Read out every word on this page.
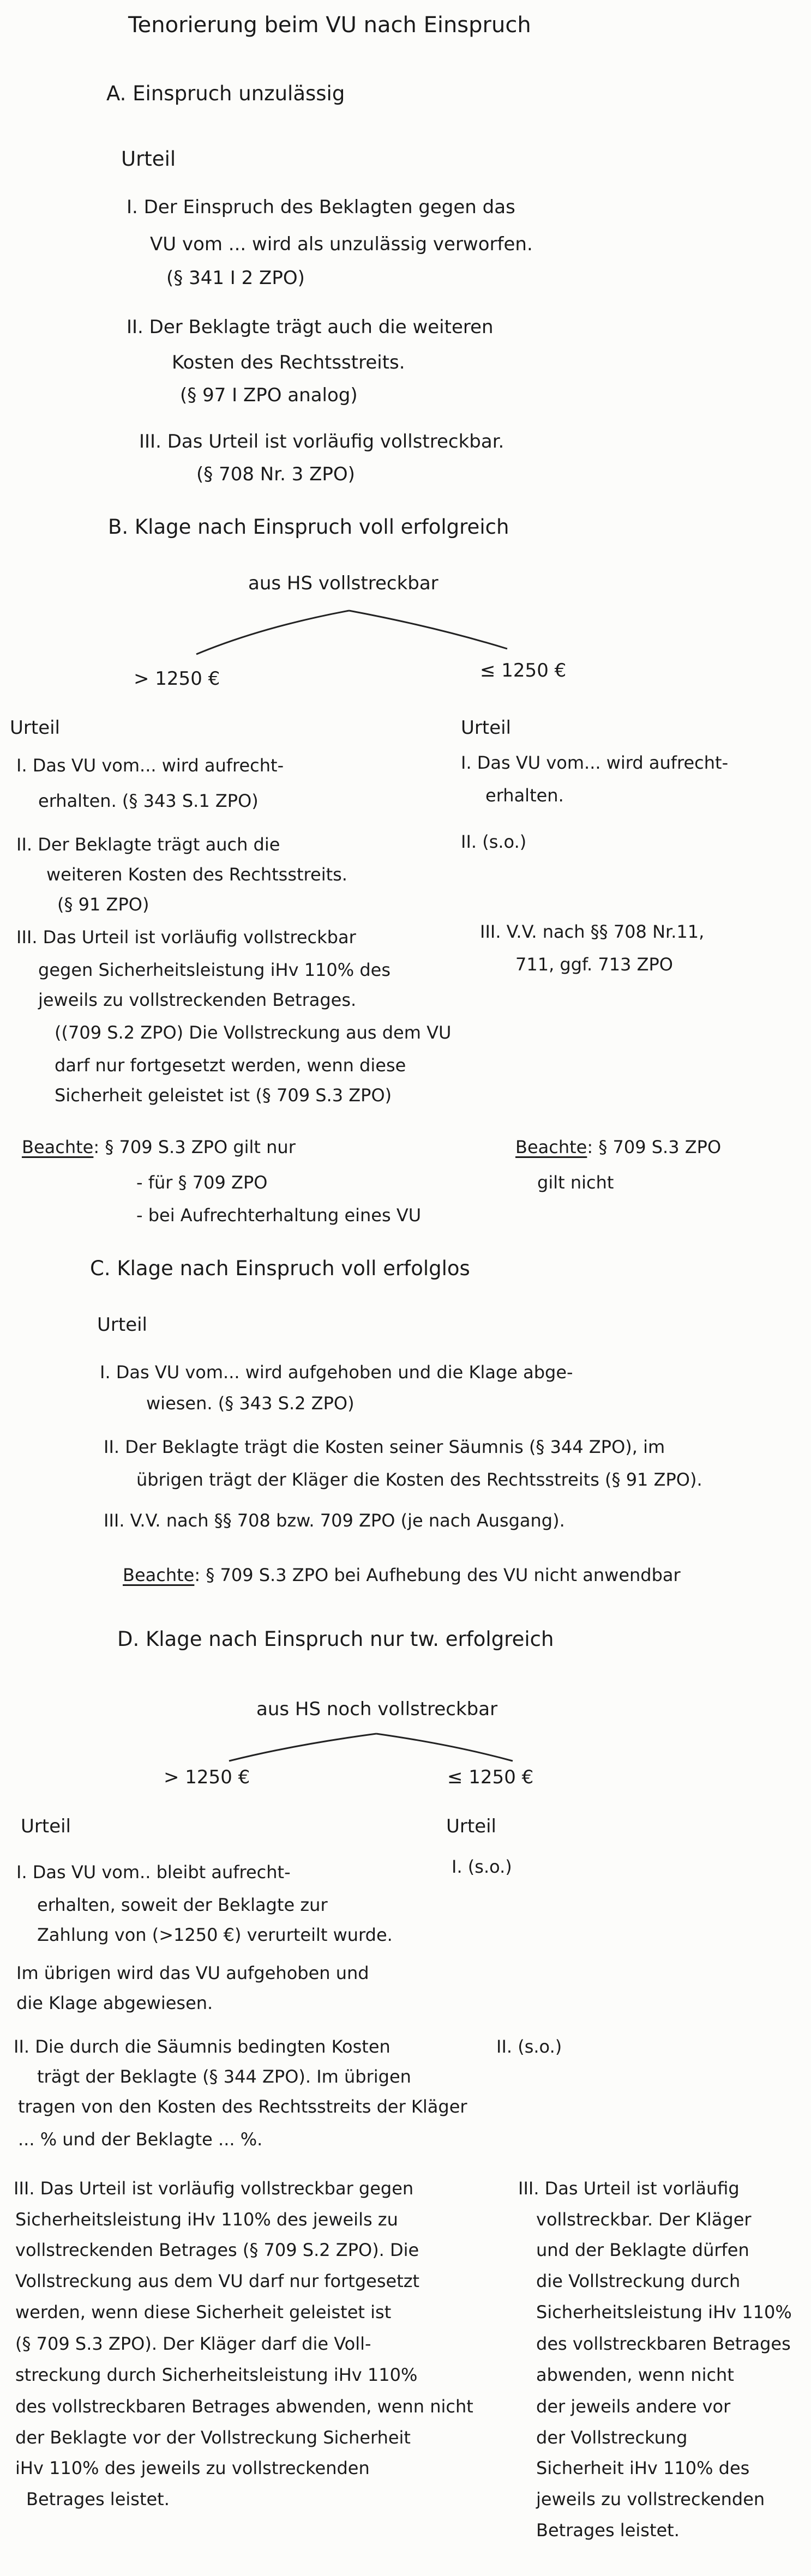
Tenorierung beim VU nach Einspruch
A. Einspruch unzulässig
Urteil
I. Der Einspruch des Beklagten gegen das
VU vom ... wird als unzulässig verworfen.
(§ 341 I 2 ZPO)
II. Der Beklagte trägt auch die weiteren
Kosten des Rechtsstreits.
(§ 97 I ZPO analog)
III. Das Urteil ist vorläufig vollstreckbar.
(§ 708 Nr. 3 ZPO)
B. Klage nach Einspruch voll erfolgreich
aus HS vollstreckbar
> 1250 €	≤ 1250 €
Urteil
I. Das VU vom... wird aufrecht-
erhalten. (§ 343 S.1 ZPO)
II. Der Beklagte trägt auch die
weiteren Kosten des Rechtsstreits.
(§ 91 ZPO)
III. Das Urteil ist vorläufig vollstreckbar
gegen Sicherheitsleistung iHv 110% des
jeweils zu vollstreckenden Betrages.
((709 S.2 ZPO) Die Vollstreckung aus dem VU
darf nur fortgesetzt werden, wenn diese
Sicherheit geleistet ist (§ 709 S.3 ZPO)
Beachte: § 709 S.3 ZPO gilt nur
- für § 709 ZPO
- bei Aufrechterhaltung eines VU
Urteil
I. Das VU vom... wird aufrecht-
erhalten.
II. (s.o.)
III. V.V. nach §§ 708 Nr.11,
711, ggf. 713 ZPO
Beachte: § 709 S.3 ZPO
gilt nicht
C. Klage nach Einspruch voll erfolglos
Urteil
I. Das VU vom... wird aufgehoben und die Klage abge-
wiesen. (§ 343 S.2 ZPO)
II. Der Beklagte trägt die Kosten seiner Säumnis (§ 344 ZPO), im
übrigen trägt der Kläger die Kosten des Rechtsstreits (§ 91 ZPO).
III. V.V. nach §§ 708 bzw. 709 ZPO (je nach Ausgang).
Beachte: § 709 S.3 ZPO bei Aufhebung des VU nicht anwendbar
D. Klage nach Einspruch nur tw. erfolgreich
aus HS noch vollstreckbar
> 1250 €	≤ 1250 €
Urteil
I. Das VU vom.. bleibt aufrecht-
erhalten, soweit der Beklagte zur
Zahlung von (>1250 €) verurteilt wurde.
Im übrigen wird das VU aufgehoben und
die Klage abgewiesen.
II. Die durch die Säumnis bedingten Kosten
trägt der Beklagte (§ 344 ZPO). Im übrigen
tragen von den Kosten des Rechtsstreits der Kläger
... % und der Beklagte ... %.
III. Das Urteil ist vorläufig vollstreckbar gegen
Sicherheitsleistung iHv 110% des jeweils zu
vollstreckenden Betrages (§ 709 S.2 ZPO). Die
Vollstreckung aus dem VU darf nur fortgesetzt
werden, wenn diese Sicherheit geleistet ist
(§ 709 S.3 ZPO). Der Kläger darf die Voll-
streckung durch Sicherheitsleistung iHv 110%
des vollstreckbaren Betrages abwenden, wenn nicht
der Beklagte vor der Vollstreckung Sicherheit
iHv 110% des jeweils zu vollstreckenden
Betrages leistet.
Urteil
I. (s.o.)
II. (s.o.)
III. Das Urteil ist vorläufig
vollstreckbar. Der Kläger
und der Beklagte dürfen
die Vollstreckung durch
Sicherheitsleistung iHv 110%
des vollstreckbaren Betrages
abwenden, wenn nicht
der jeweils andere vor
der Vollstreckung
Sicherheit iHv 110% des
jeweils zu vollstreckenden
Betrages leistet.
